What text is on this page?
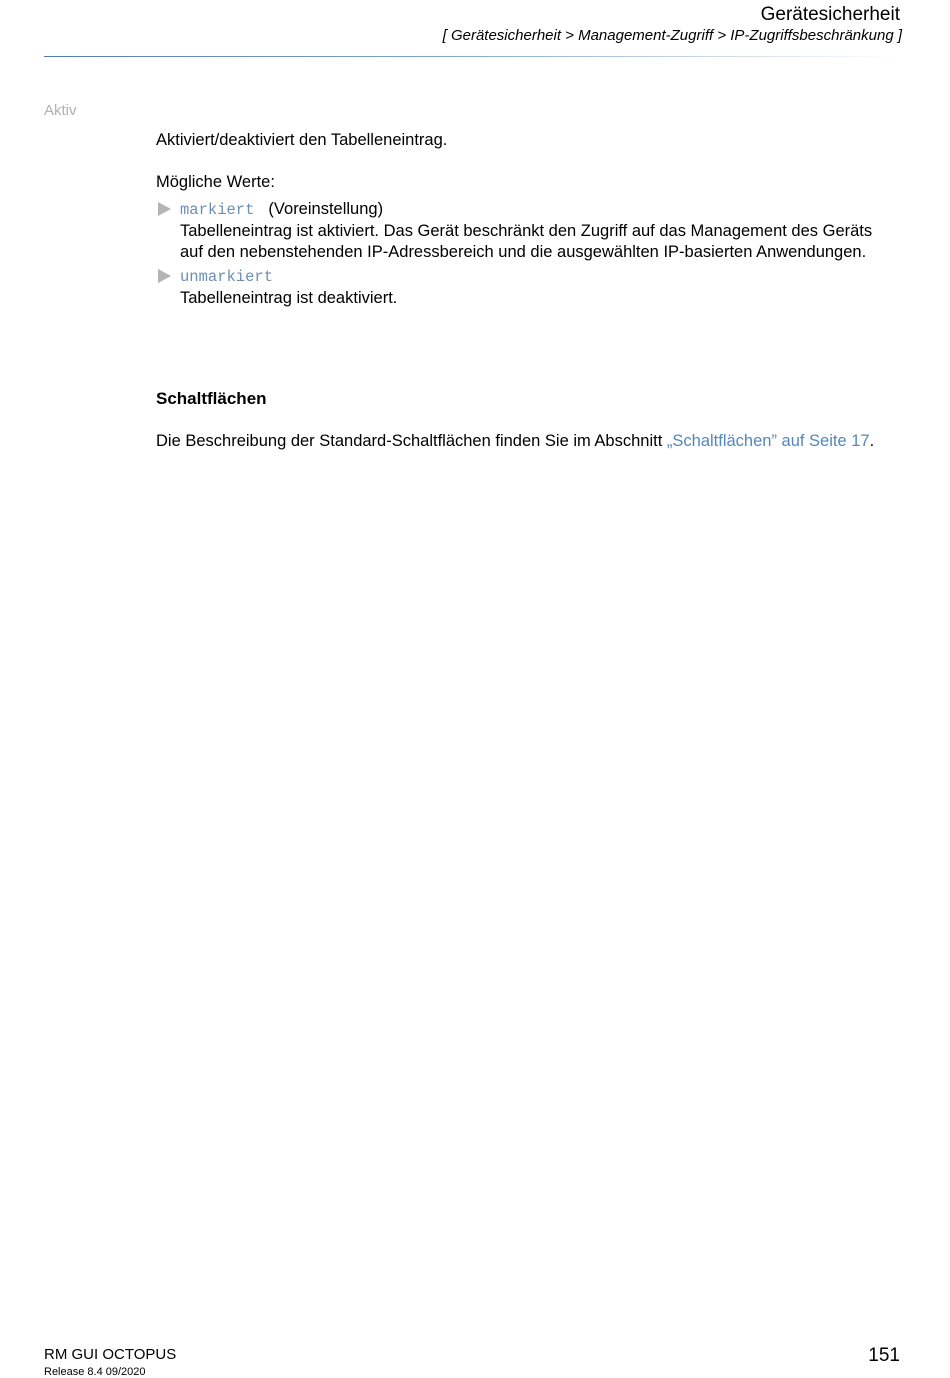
Gerätesicherheit
[ Gerätesicherheit > Management-Zugriff > IP-Zugriffsbeschränkung ]
Aktiv
Aktiviert/deaktiviert den Tabelleneintrag.
Mögliche Werte:
markiert (Voreinstellung)
Tabelleneintrag ist aktiviert. Das Gerät beschränkt den Zugriff auf das Management des Geräts
auf den nebenstehenden IP-Adressbereich und die ausgewählten IP-basierten Anwendungen.
unmarkiert
Tabelleneintrag ist deaktiviert.
Schaltflächen
Die Beschreibung der Standard-Schaltflächen finden Sie im Abschnitt „Schaltflächen” auf Seite 17.
RM GUI OCTOPUS
Release 8.4 09/2020
151
